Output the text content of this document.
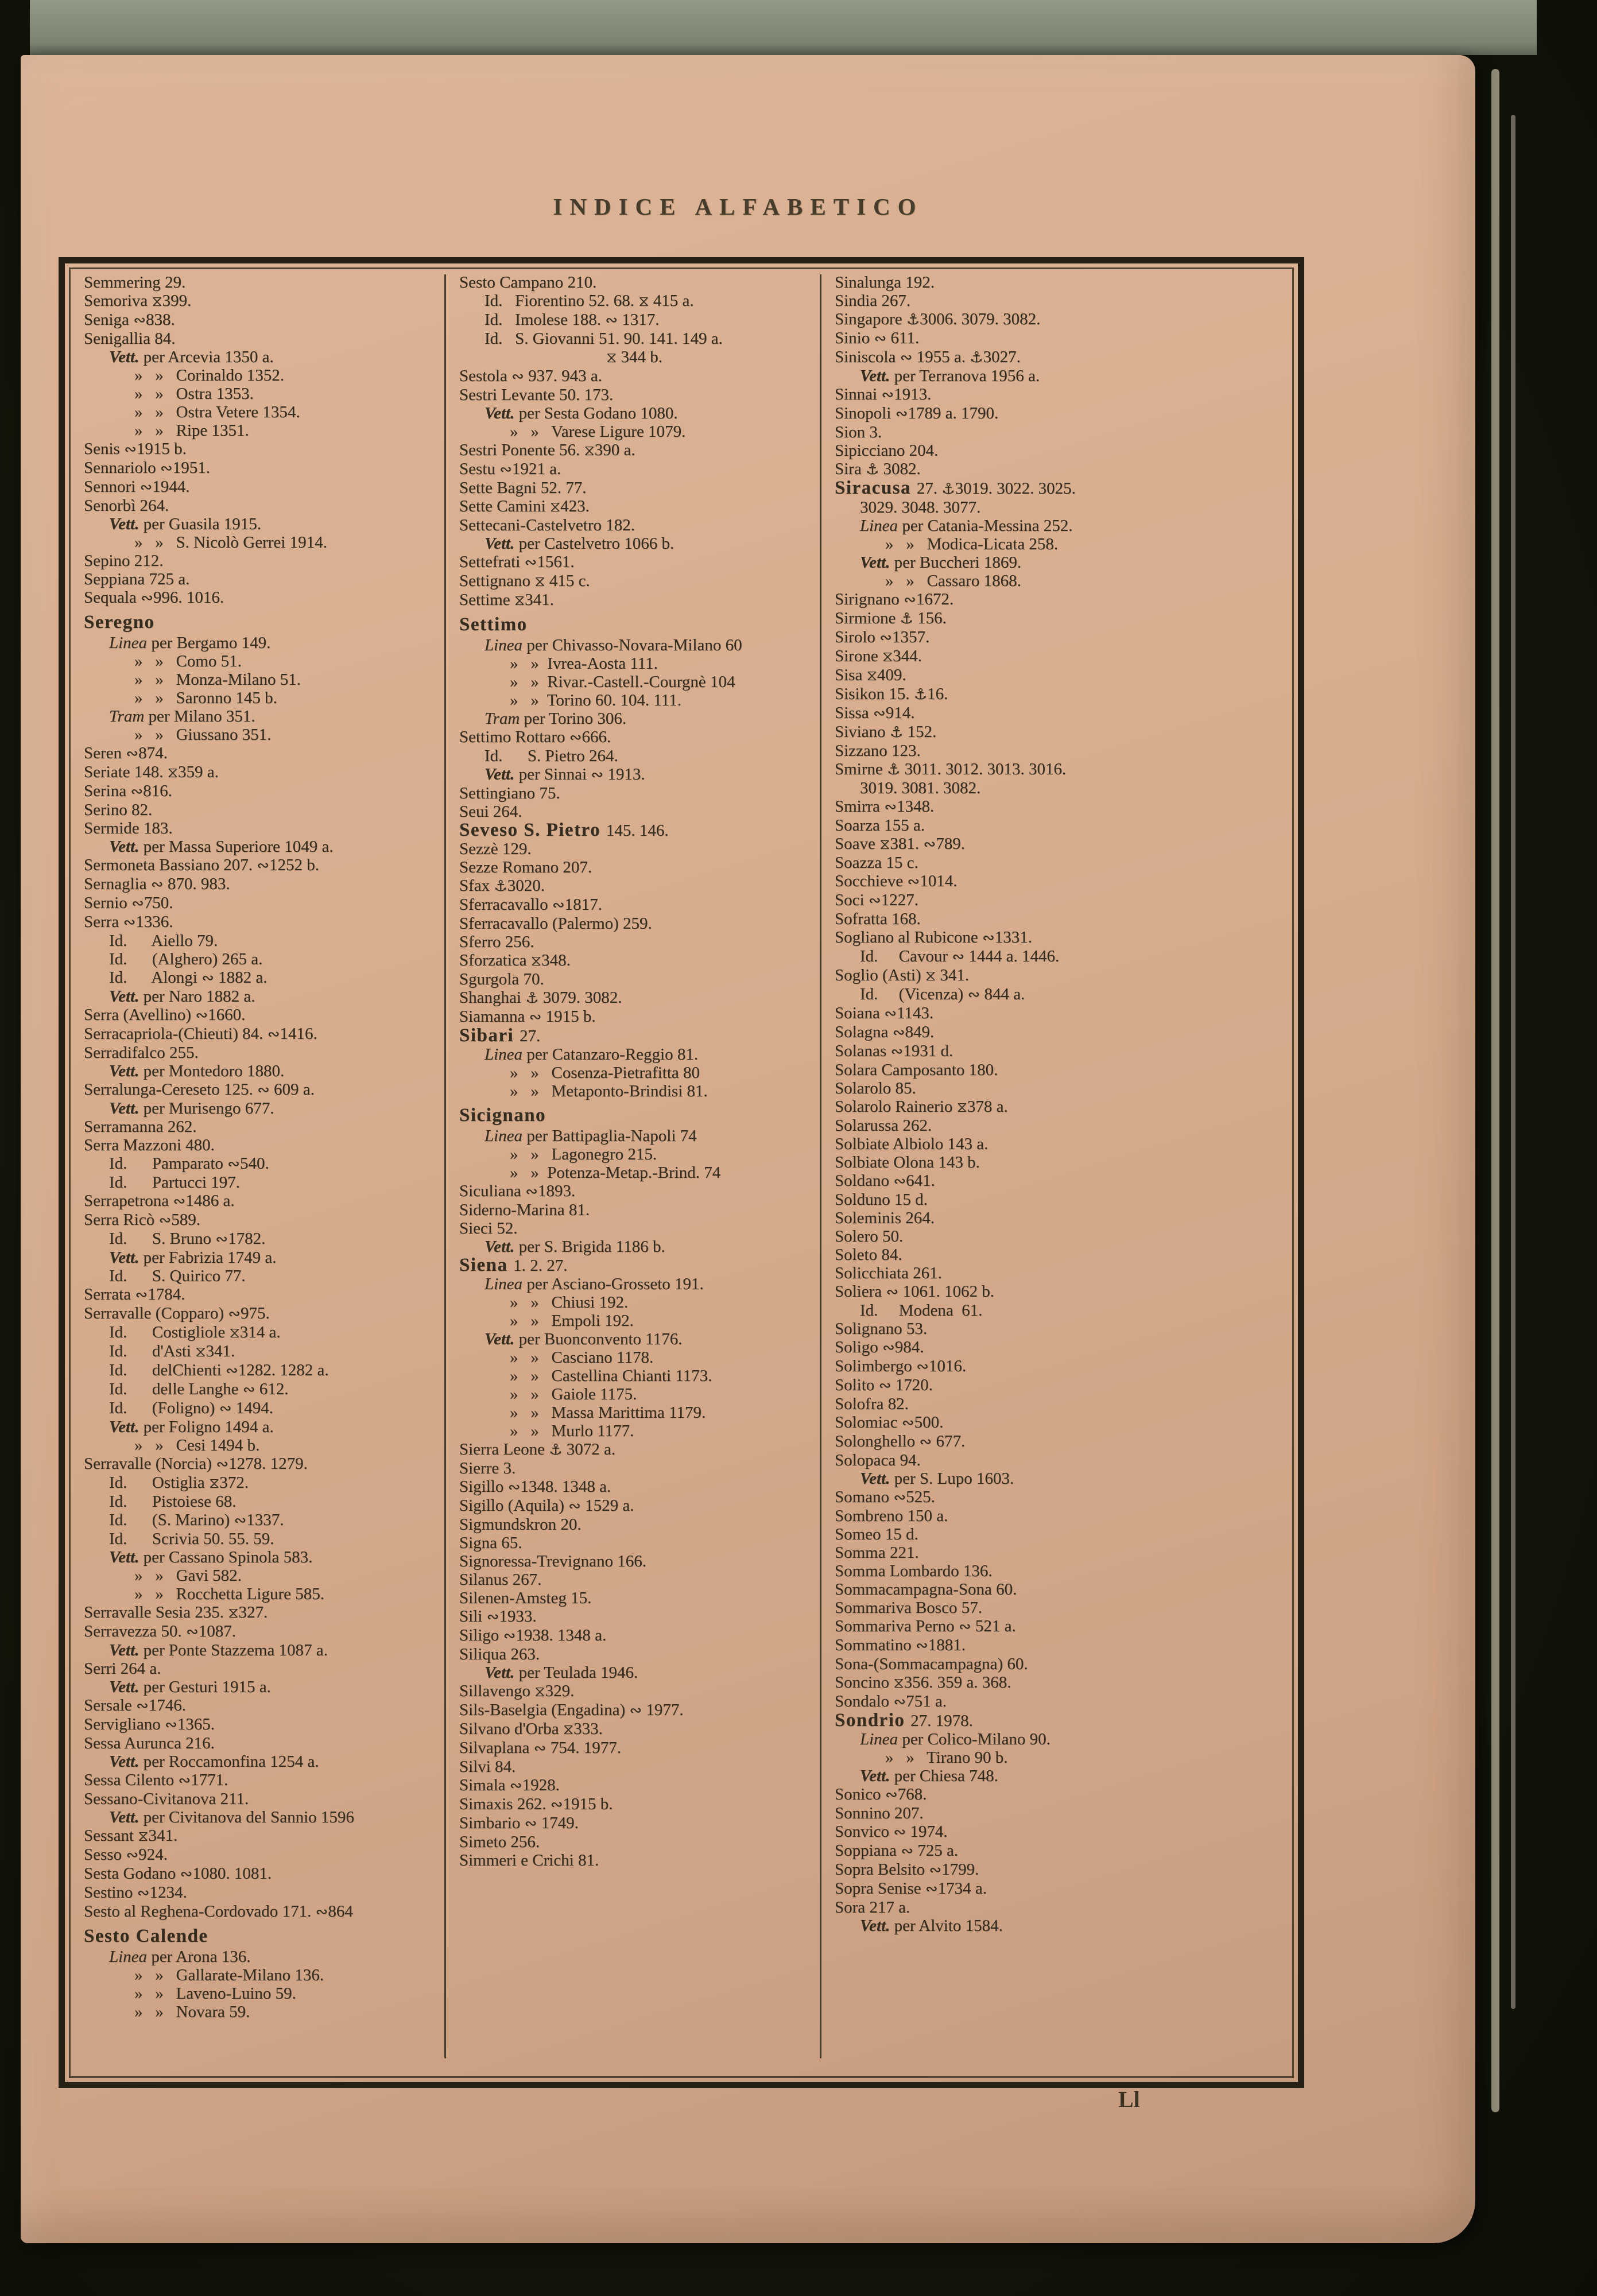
INDICE ALFABETICO
Semmering 29.
Semoriva ⧖399.
Seniga ∾838.
Senigallia 84.
Vett. per Arcevia 1350 a.
»   »   Corinaldo 1352.
»   »   Ostra 1353.
»   »   Ostra Vetere 1354.
»   »   Ripe 1351.
Senis ∾1915 b.
Sennariolo ∾1951.
Sennori ∾1944.
Senorbì 264.
Vett. per Guasila 1915.
»   »   S. Nicolò Gerrei 1914.
Sepino 212.
Seppiana 725 a.
Sequala ∾996. 1016.
Seregno
Linea per Bergamo 149.
»   »   Como 51.
»   »   Monza-Milano 51.
»   »   Saronno 145 b.
Tram per Milano 351.
»   »   Giussano 351.
Seren ∾874.
Seriate 148. ⧖359 a.
Serina ∾816.
Serino 82.
Sermide 183.
Vett. per Massa Superiore 1049 a.
Sermoneta Bassiano 207. ∾1252 b.
Sernaglia ∾ 870. 983.
Sernio ∾750.
Serra ∾1336.
Id.      Aiello 79.
Id.      (Alghero) 265 a.
Id.      Alongi ∾ 1882 a.
Vett. per Naro 1882 a.
Serra (Avellino) ∾1660.
Serracapriola-(Chieuti) 84. ∾1416.
Serradifalco 255.
Vett. per Montedoro 1880.
Serralunga-Cereseto 125. ∾ 609 a.
Vett. per Murisengo 677.
Serramanna 262.
Serra Mazzoni 480.
Id.      Pamparato ∾540.
Id.      Partucci 197.
Serrapetrona ∾1486 a.
Serra Ricò ∾589.
Id.      S. Bruno ∾1782.
Vett. per Fabrizia 1749 a.
Id.      S. Quirico 77.
Serrata ∾1784.
Serravalle (Copparo) ∾975.
Id.      Costigliole ⧖314 a.
Id.      d'Asti ⧖341.
Id.      delChienti ∾1282. 1282 a.
Id.      delle Langhe ∾ 612.
Id.      (Foligno) ∾ 1494.
Vett. per Foligno 1494 a.
»   »   Cesi 1494 b.
Serravalle (Norcia) ∾1278. 1279.
Id.      Ostiglia ⧖372.
Id.      Pistoiese 68.
Id.      (S. Marino) ∾1337.
Id.      Scrivia 50. 55. 59.
Vett. per Cassano Spinola 583.
»   »   Gavi 582.
»   »   Rocchetta Ligure 585.
Serravalle Sesia 235. ⧖327.
Serravezza 50. ∾1087.
Vett. per Ponte Stazzema 1087 a.
Serri 264 a.
Vett. per Gesturi 1915 a.
Sersale ∾1746.
Servigliano ∾1365.
Sessa Aurunca 216.
Vett. per Roccamonfina 1254 a.
Sessa Cilento ∾1771.
Sessano-Civitanova 211.
Vett. per Civitanova del Sannio 1596
Sessant ⧖341.
Sesso ∾924.
Sesta Godano ∾1080. 1081.
Sestino ∾1234.
Sesto al Reghena-Cordovado 171. ∾864
Sesto Calende
Linea per Arona 136.
»   »   Gallarate-Milano 136.
»   »   Laveno-Luino 59.
»   »   Novara 59.
Sesto Campano 210.
Id.   Fiorentino 52. 68. ⧖ 415 a.
Id.   Imolese 188. ∾ 1317.
Id.   S. Giovanni 51. 90. 141. 149 a.
⧖ 344 b.
Sestola ∾ 937. 943 a.
Sestri Levante 50. 173.
Vett. per Sesta Godano 1080.
»   »   Varese Ligure 1079.
Sestri Ponente 56. ⧖390 a.
Sestu ∾1921 a.
Sette Bagni 52. 77.
Sette Camini ⧖423.
Settecani-Castelvetro 182.
Vett. per Castelvetro 1066 b.
Settefrati ∾1561.
Settignano ⧖ 415 c.
Settime ⧖341.
Settimo
Linea per Chivasso-Novara-Milano 60
»   »  Ivrea-Aosta 111.
»   »  Rivar.-Castell.-Courgnè 104
»   »  Torino 60. 104. 111.
Tram per Torino 306.
Settimo Rottaro ∾666.
Id.      S. Pietro 264.
Vett. per Sinnai ∾ 1913.
Settingiano 75.
Seui 264.
Seveso S. Pietro 145. 146.
Sezzè 129.
Sezze Romano 207.
Sfax ⚓3020.
Sferracavallo ∾1817.
Sferracavallo (Palermo) 259.
Sferro 256.
Sforzatica ⧖348.
Sgurgola 70.
Shanghai ⚓ 3079. 3082.
Siamanna ∾ 1915 b.
Sibari 27.
Linea per Catanzaro-Reggio 81.
»   »   Cosenza-Pietrafitta 80
»   »   Metaponto-Brindisi 81.
Sicignano
Linea per Battipaglia-Napoli 74
»   »   Lagonegro 215.
»   »  Potenza-Metap.-Brind. 74
Siculiana ∾1893.
Siderno-Marina 81.
Sieci 52.
Vett. per S. Brigida 1186 b.
Siena 1. 2. 27.
Linea per Asciano-Grosseto 191.
»   »   Chiusi 192.
»   »   Empoli 192.
Vett. per Buonconvento 1176.
»   »   Casciano 1178.
»   »   Castellina Chianti 1173.
»   »   Gaiole 1175.
»   »   Massa Marittima 1179.
»   »   Murlo 1177.
Sierra Leone ⚓ 3072 a.
Sierre 3.
Sigillo ∾1348. 1348 a.
Sigillo (Aquila) ∾ 1529 a.
Sigmundskron 20.
Signa 65.
Signoressa-Trevignano 166.
Silanus 267.
Silenen-Amsteg 15.
Sili ∾1933.
Siligo ∾1938. 1348 a.
Siliqua 263.
Vett. per Teulada 1946.
Sillavengo ⧖329.
Sils-Baselgia (Engadina) ∾ 1977.
Silvano d'Orba ⧖333.
Silvaplana ∾ 754. 1977.
Silvi 84.
Simala ∾1928.
Simaxis 262. ∾1915 b.
Simbario ∾ 1749.
Simeto 256.
Simmeri e Crichi 81.
Sinalunga 192.
Sindia 267.
Singapore ⚓3006. 3079. 3082.
Sinio ∾ 611.
Siniscola ∾ 1955 a. ⚓3027.
Vett. per Terranova 1956 a.
Sinnai ∾1913.
Sinopoli ∾1789 a. 1790.
Sion 3.
Sipicciano 204.
Sira ⚓ 3082.
Siracusa 27. ⚓3019. 3022. 3025.
3029. 3048. 3077.
Linea per Catania-Messina 252.
»   »   Modica-Licata 258.
Vett. per Buccheri 1869.
»   »   Cassaro 1868.
Sirignano ∾1672.
Sirmione ⚓ 156.
Sirolo ∾1357.
Sirone ⧖344.
Sisa ⧖409.
Sisikon 15. ⚓16.
Sissa ∾914.
Siviano ⚓ 152.
Sizzano 123.
Smirne ⚓ 3011. 3012. 3013. 3016.
3019. 3081. 3082.
Smirra ∾1348.
Soarza 155 a.
Soave ⧖381. ∾789.
Soazza 15 c.
Socchieve ∾1014.
Soci ∾1227.
Sofratta 168.
Sogliano al Rubicone ∾1331.
Id.     Cavour ∾ 1444 a. 1446.
Soglio (Asti) ⧖ 341.
Id.     (Vicenza) ∾ 844 a.
Soiana ∾1143.
Solagna ∾849.
Solanas ∾1931 d.
Solara Camposanto 180.
Solarolo 85.
Solarolo Rainerio ⧖378 a.
Solarussa 262.
Solbiate Albiolo 143 a.
Solbiate Olona 143 b.
Soldano ∾641.
Solduno 15 d.
Soleminis 264.
Solero 50.
Soleto 84.
Solicchiata 261.
Soliera ∾ 1061. 1062 b.
Id.     Modena  61.
Solignano 53.
Soligo ∾984.
Solimbergo ∾1016.
Solito ∾ 1720.
Solofra 82.
Solomiac ∾500.
Solonghello ∾ 677.
Solopaca 94.
Vett. per S. Lupo 1603.
Somano ∾525.
Sombreno 150 a.
Someo 15 d.
Somma 221.
Somma Lombardo 136.
Sommacampagna-Sona 60.
Sommariva Bosco 57.
Sommariva Perno ∾ 521 a.
Sommatino ∾1881.
Sona-(Sommacampagna) 60.
Soncino ⧖356. 359 a. 368.
Sondalo ∾751 a.
Sondrio 27. 1978.
Linea per Colico-Milano 90.
»   »   Tirano 90 b.
Vett. per Chiesa 748.
Sonico ∾768.
Sonnino 207.
Sonvico ∾ 1974.
Soppiana ∾ 725 a.
Sopra Belsito ∾1799.
Sopra Senise ∾1734 a.
Sora 217 a.
Vett. per Alvito 1584.
Ll
